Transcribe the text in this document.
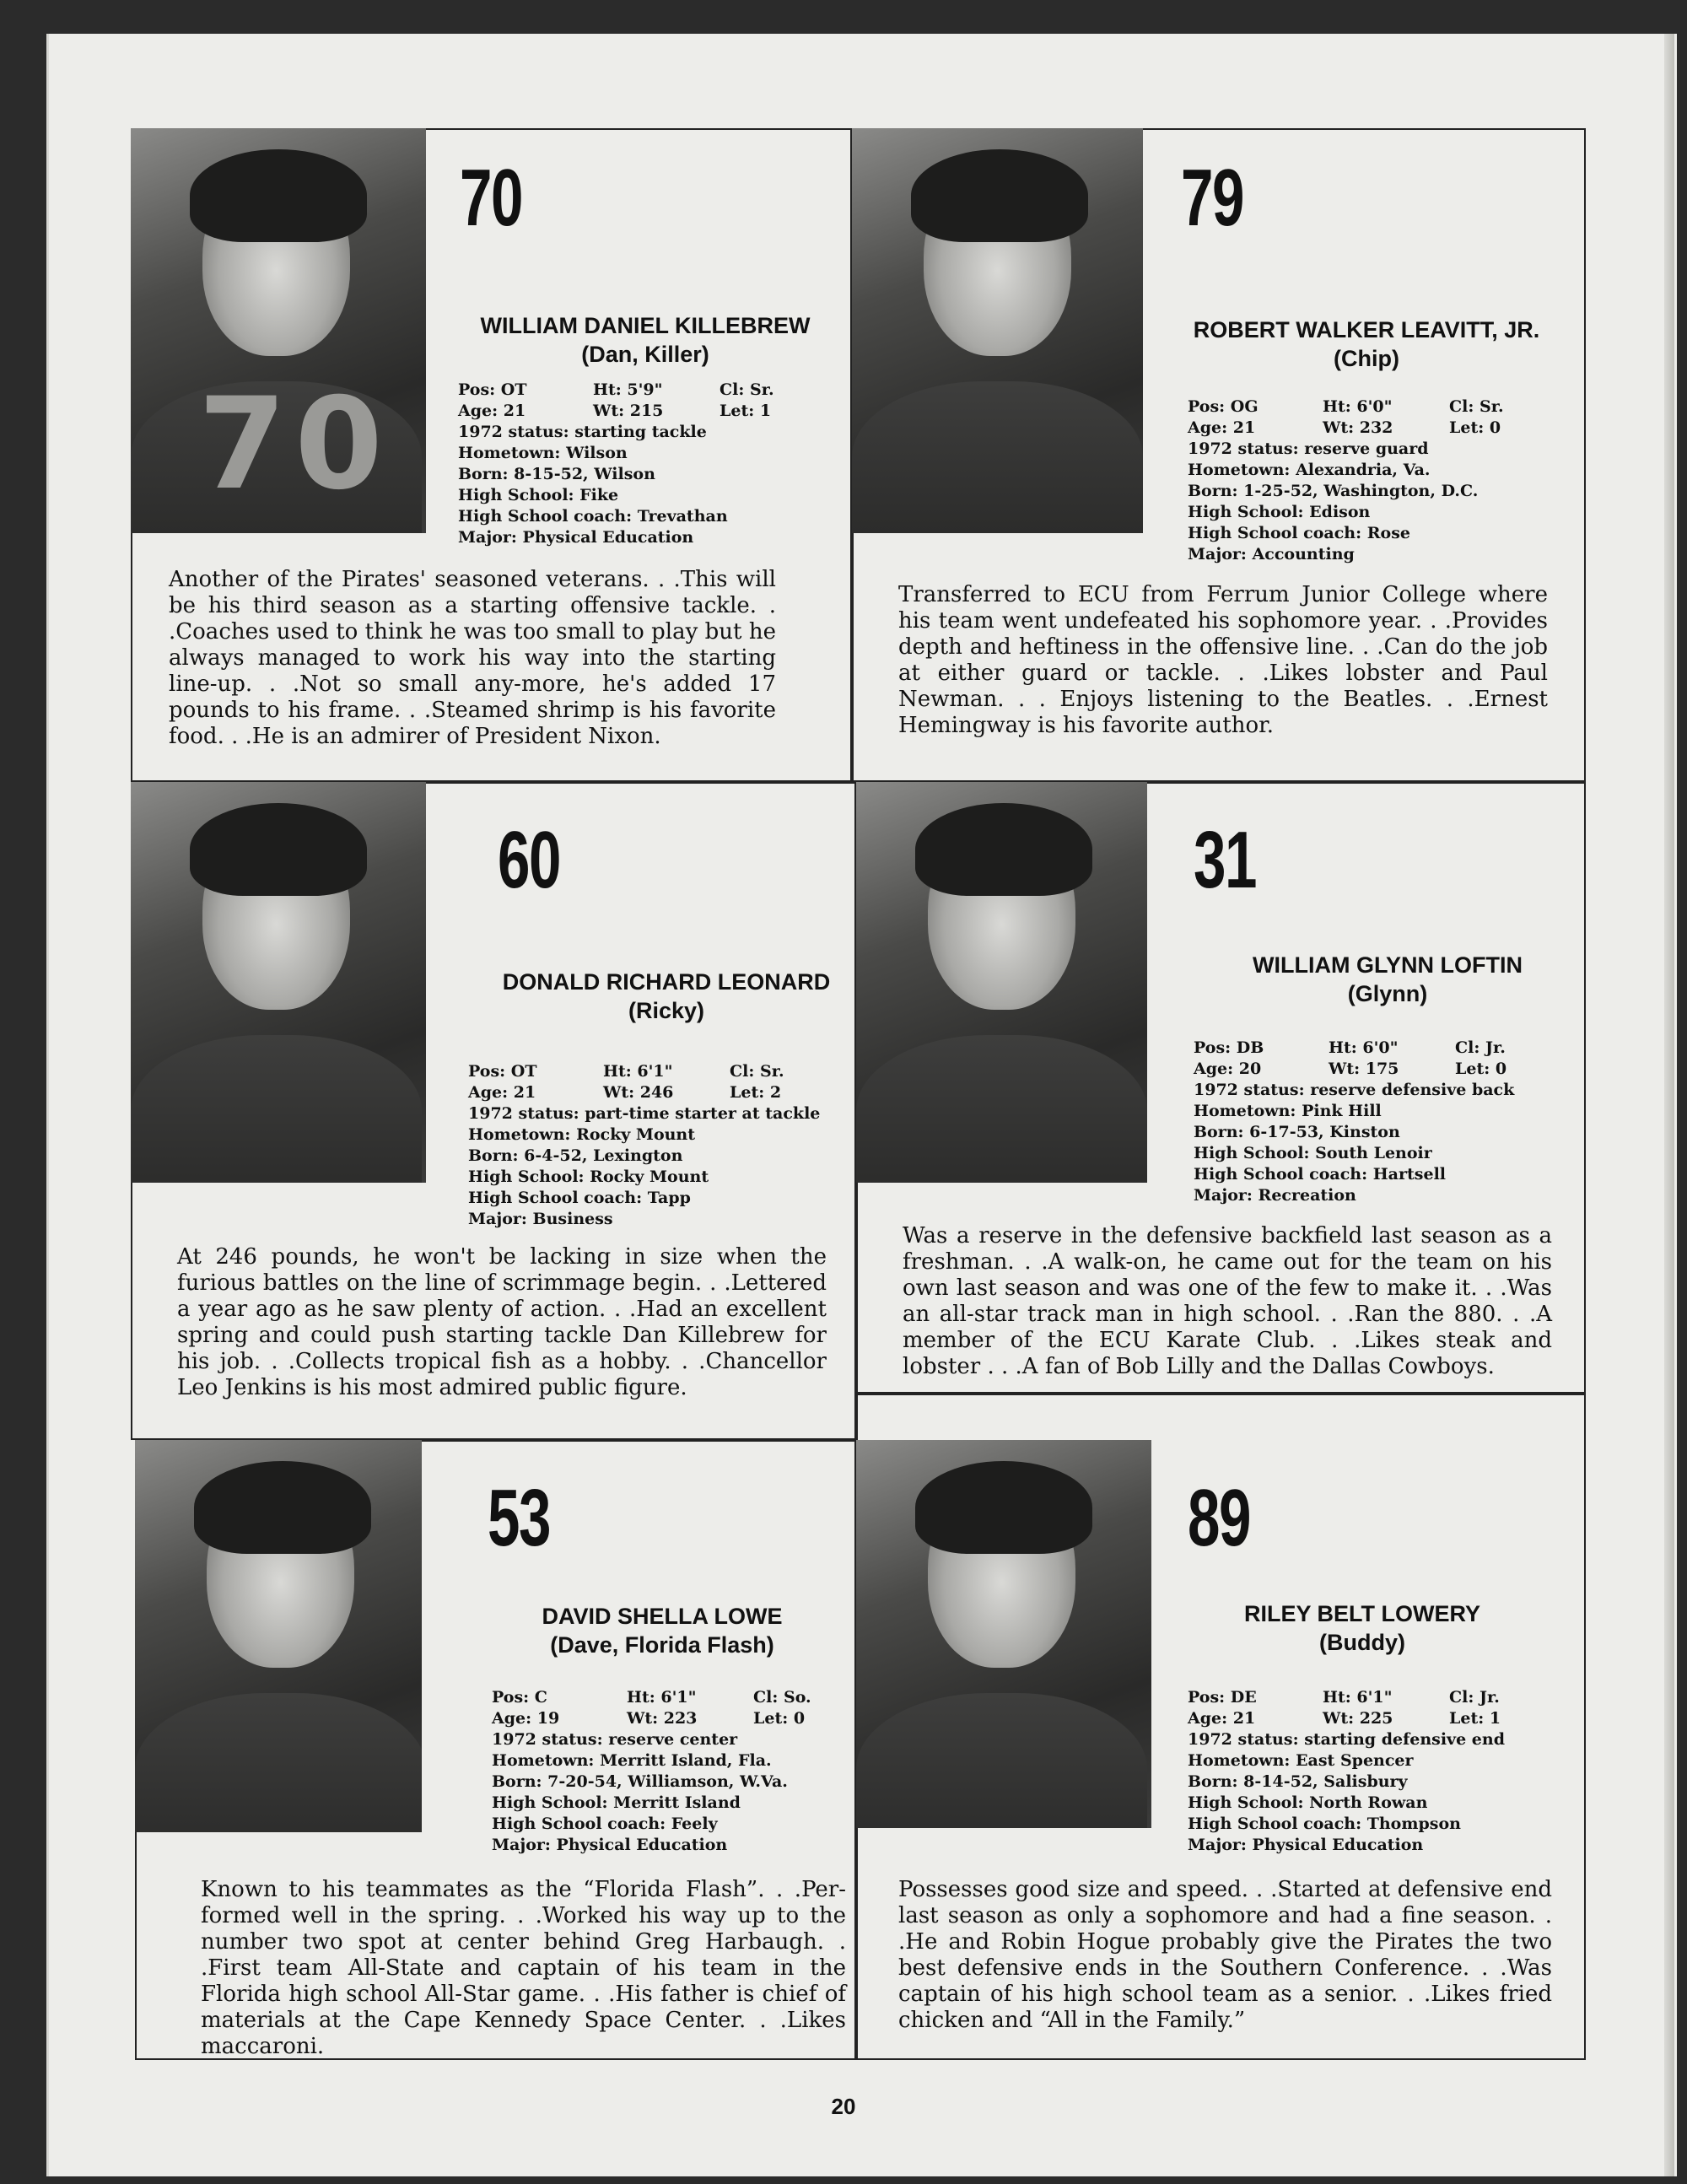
70
70
WILLIAM DANIEL KILLEBREW
(Dan, Killer)
Pos: OT	Ht: 5'9"	Cl: Sr.
Age: 21	Wt: 215	Let: 1
1972 status: starting tackle
Hometown: Wilson
Born: 8-15-52, Wilson
High School: Fike
High School coach: Trevathan
Major: Physical Education
Another of the Pirates' seasoned veterans. . .This will be his third season as a starting offensive tackle. . .Coaches used to think he was too small to play but he always managed to work his way into the starting line-up. . .Not so small any-more, he's added 17 pounds to his frame. . .Steamed shrimp is his favorite food. . .He is an admirer of President Nixon.
79
ROBERT WALKER LEAVITT, JR.
(Chip)
Pos: OG	Ht: 6'0"	Cl: Sr.
Age: 21	Wt: 232	Let: 0
1972 status: reserve guard
Hometown: Alexandria, Va.
Born: 1-25-52, Washington, D.C.
High School: Edison
High School coach: Rose
Major: Accounting
Transferred to ECU from Ferrum Junior College where his team went undefeated his sophomore year. . .Provides depth and heftiness in the offensive line. . .Can do the job at either guard or tackle. . .Likes lobster and Paul Newman. . . Enjoys listening to the Beatles. . .Ernest Hemingway is his favorite author.
60
DONALD RICHARD LEONARD
(Ricky)
Pos: OT	Ht: 6'1"	Cl: Sr.
Age: 21	Wt: 246	Let: 2
1972 status: part-time starter at tackle
Hometown: Rocky Mount
Born: 6-4-52, Lexington
High School: Rocky Mount
High School coach: Tapp
Major: Business
At 246 pounds, he won't be lacking in size when the furious battles on the line of scrimmage begin. . .Lettered a year ago as he saw plenty of action. . .Had an excellent spring and could push starting tackle Dan Killebrew for his job. . .Collects tropical fish as a hobby. . .Chancellor Leo Jenkins is his most admired public figure.
31
WILLIAM GLYNN LOFTIN
(Glynn)
Pos: DB	Ht: 6'0"	Cl: Jr.
Age: 20	Wt: 175	Let: 0
1972 status: reserve defensive back
Hometown: Pink Hill
Born: 6-17-53, Kinston
High School: South Lenoir
High School coach: Hartsell
Major: Recreation
Was a reserve in the defensive backfield last season as a freshman. . .A walk-on, he came out for the team on his own last season and was one of the few to make it. . .Was an all-star track man in high school. . .Ran the 880. . .A member of the ECU Karate Club. . .Likes steak and lobster . . .A fan of Bob Lilly and the Dallas Cowboys.
53
DAVID SHELLA LOWE
(Dave, Florida Flash)
Pos: C	Ht: 6'1"	Cl: So.
Age: 19	Wt: 223	Let: 0
1972 status: reserve center
Hometown: Merritt Island, Fla.
Born: 7-20-54, Williamson, W.Va.
High School: Merritt Island
High School coach: Feely
Major: Physical Education
Known to his teammates as the “Florida Flash”. . .Per-formed well in the spring. . .Worked his way up to the number two spot at center behind Greg Harbaugh. . .First team All-State and captain of his team in the Florida high school All-Star game. . .His father is chief of materials at the Cape Kennedy Space Center. . .Likes maccaroni.
89
RILEY BELT LOWERY
(Buddy)
Pos: DE	Ht: 6'1"	Cl: Jr.
Age: 21	Wt: 225	Let: 1
1972 status: starting defensive end
Hometown: East Spencer
Born: 8-14-52, Salisbury
High School: North Rowan
High School coach: Thompson
Major: Physical Education
Possesses good size and speed. . .Started at defensive end last season as only a sophomore and had a fine season. . .He and Robin Hogue probably give the Pirates the two best defensive ends in the Southern Conference. . .Was captain of his high school team as a senior. . .Likes fried chicken and “All in the Family.”
20
